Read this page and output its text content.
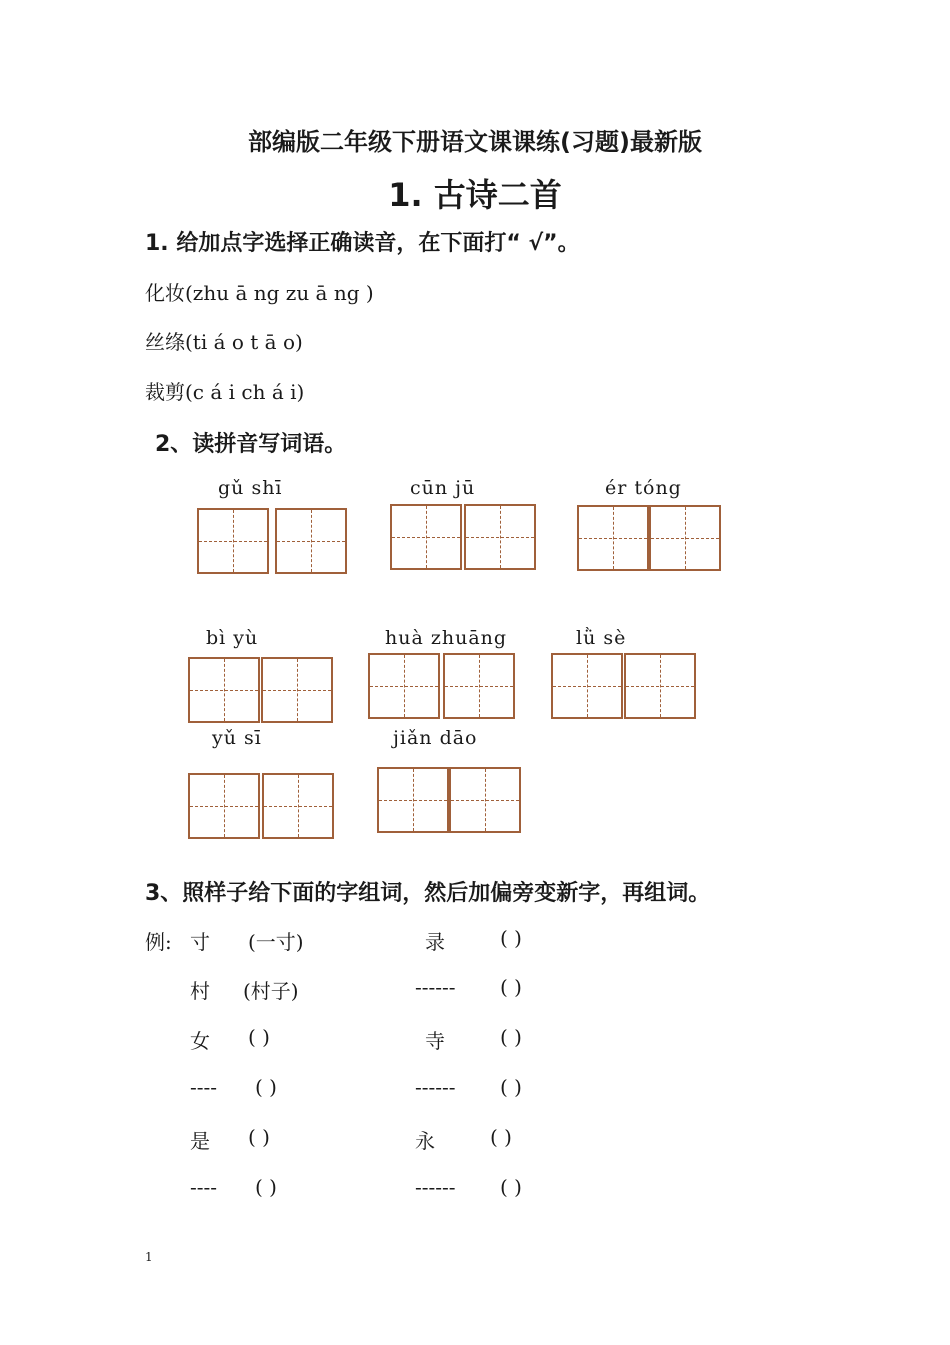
部编版二年级下册语文课课练(习题)最新版
1. 古诗二首
1. 给加点字选择正确读音，在下面打“ √”。
化妆(zhu ā ng zu ā ng )
丝绦(ti á o t ā o)
裁剪(c á i ch á i)
2、读拼音写词语。
gǔ shī	cūn jū	ér tóng
bì yù	huà zhuāng	lǜ sè
yǔ sī	jiǎn dāo
3、照样子给下面的字组词，然后加偏旁变新字，再组词。
例: 寸 (一寸)	录	( )
村 (村子)	------ ( )
女 ( )	寺	( )
---- ( )	------ ( )
是 ( )	永	( )
---- ( )	------ ( )
1
